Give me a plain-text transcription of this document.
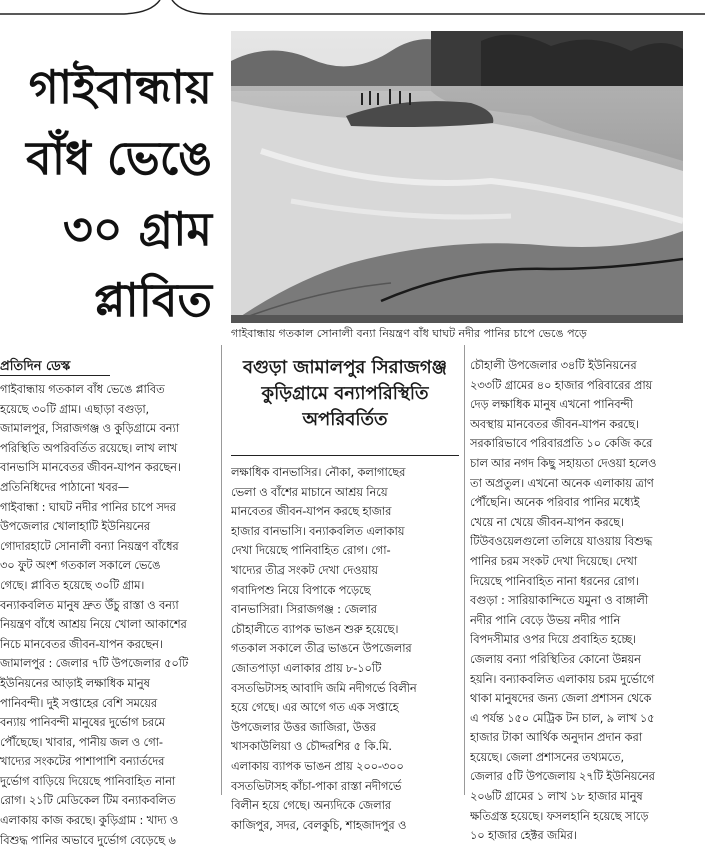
গাইবান্ধায়
বাঁধ ভেঙে
৩০ গ্রাম
প্লাবিত
গাইবান্ধায় গতকাল সোনালী বন্যা নিয়ন্ত্রণ বাঁধ ঘাঘট নদীর পানির চাপে ভেঙে পড়ে
প্রতিদিন ডেস্ক	বগুড়া জামালপুর সিরাজগঞ্জ
কুড়িগ্রামে বন্যাপরিস্থিতি
অপরিবর্তিত

গাইবান্ধায় গতকাল বাঁধ ভেঙে প্লাবিত

হয়েছে ৩০টি গ্রাম। এছাড়া বগুড়া,

জামালপুর, সিরাজগঞ্জ ও কুড়িগ্রামে বন্যা

পরিস্থিতি অপরিবর্তিত রয়েছে। লাখ লাখ

বানভাসি মানবেতর জীবন-যাপন করছেন।

প্রতিনিধিদের পাঠানো খবর—

গাইবান্ধা : ঘাঘট নদীর পানির চাপে সদর

উপজেলার খোলাহাটি ইউনিয়নের

গোদারহাটে সোনালী বন্যা নিয়ন্ত্রণ বাঁধের

৩০ ফুট অংশ গতকাল সকালে ভেঙে

গেছে। প্লাবিত হয়েছে ৩০টি গ্রাম।

বন্যাকবলিত মানুষ দ্রুত উঁচু রাস্তা ও বন্যা

নিয়ন্ত্রণ বাঁধে আশ্রয় নিয়ে খোলা আকাশের

নিচে মানবেতর জীবন-যাপন করছেন।

জামালপুর : জেলার ৭টি উপজেলার ৫০টি

ইউনিয়নের আড়াই লক্ষাধিক মানুষ

পানিবন্দী। দুই সপ্তাহের বেশি সময়ের

বন্যায় পানিবন্দী মানুষের দুর্ভোগ চরমে

পৌঁছেছে। খাবার, পানীয় জল ও গো-

খাদ্যের সংকটের পাশাপাশি বন্যার্তদের

দুর্ভোগ বাড়িয়ে দিয়েছে পানিবাহিত নানা

রোগ। ২১টি মেডিকেল টিম বন্যাকবলিত

এলাকায় কাজ করছে। কুড়িগ্রাম : খাদ্য ও

বিশুদ্ধ পানির অভাবে দুর্ভোগ বেড়েছে ৬

লক্ষাধিক বানভাসির। নৌকা, কলাগাছের

ভেলা ও বাঁশের মাচানে আশ্রয় নিয়ে

মানবেতর জীবন-যাপন করছে হাজার

হাজার বানভাসি। বন্যাকবলিত এলাকায়

দেখা দিয়েছে পানিবাহিত রোগ। গো-

খাদ্যের তীব্র সংকট দেখা দেওয়ায়

গবাদিপশু নিয়ে বিপাকে পড়েছে

বানভাসিরা। সিরাজগঞ্জ : জেলার

চৌহালীতে ব্যাপক ভাঙন শুরু হয়েছে।

গতকাল সকালে তীব্র ভাঙনে উপজেলার

জোতপাড়া এলাকার প্রায় ৮-১০টি

বসতভিটাসহ আবাদি জমি নদীগর্ভে বিলীন

হয়ে গেছে। এর আগে গত এক সপ্তাহে

উপজেলার উত্তর জাজিরা, উত্তর

খাসকাউলিয়া ও চৌদ্দরশির ৫ কি.মি.

এলাকায় ব্যাপক ভাঙন প্রায় ২০০-৩০০

বসতভিটাসহ কাঁচা-পাকা রাস্তা নদীগর্ভে

বিলীন হয়ে গেছে। অন্যদিকে জেলার

কাজিপুর, সদর, বেলকুচি, শাহজাদপুর ও

চৌহালী উপজেলার ৩৪টি ইউনিয়নের

২৩৩টি গ্রামের ৪০ হাজার পরিবারের প্রায়

দেড় লক্ষাধিক মানুষ এখনো পানিবন্দী

অবস্থায় মানবেতর জীবন-যাপন করছে।

সরকারিভাবে পরিবারপ্রতি ১০ কেজি করে

চাল আর নগদ কিছু সহায়তা দেওয়া হলেও

তা অপ্রতুল। এখনো অনেক এলাকায় ত্রাণ

পৌঁছেনি। অনেক পরিবার পানির মধ্যেই

খেয়ে না খেয়ে জীবন-যাপন করছে।

টিউবওয়েলগুলো তলিয়ে যাওয়ায় বিশুদ্ধ

পানির চরম সংকট দেখা দিয়েছে। দেখা

দিয়েছে পানিবাহিত নানা ধরনের রোগ।

বগুড়া : সারিয়াকান্দিতে যমুনা ও বাঙ্গালী

নদীর পানি বেড়ে উভয় নদীর পানি

বিপদসীমার ওপর দিয়ে প্রবাহিত হচ্ছে।

জেলায় বন্যা পরিস্থিতির কোনো উন্নয়ন

হয়নি। বন্যাকবলিত এলাকায় চরম দুর্ভোগে

থাকা মানুষদের জন্য জেলা প্রশাসন থেকে

এ পর্যন্ত ১৫০ মেট্রিক টন চাল, ৯ লাখ ১৫

হাজার টাকা আর্থিক অনুদান প্রদান করা

হয়েছে। জেলা প্রশাসনের তথ্যমতে,

জেলার ৫টি উপজেলায় ২৭টি ইউনিয়নের

২০৬টি গ্রামের ১ লাখ ১৮ হাজার মানুষ

ক্ষতিগ্রস্ত হয়েছে। ফসলহানি হয়েছে সাড়ে

১০ হাজার হেক্টর জমির।
